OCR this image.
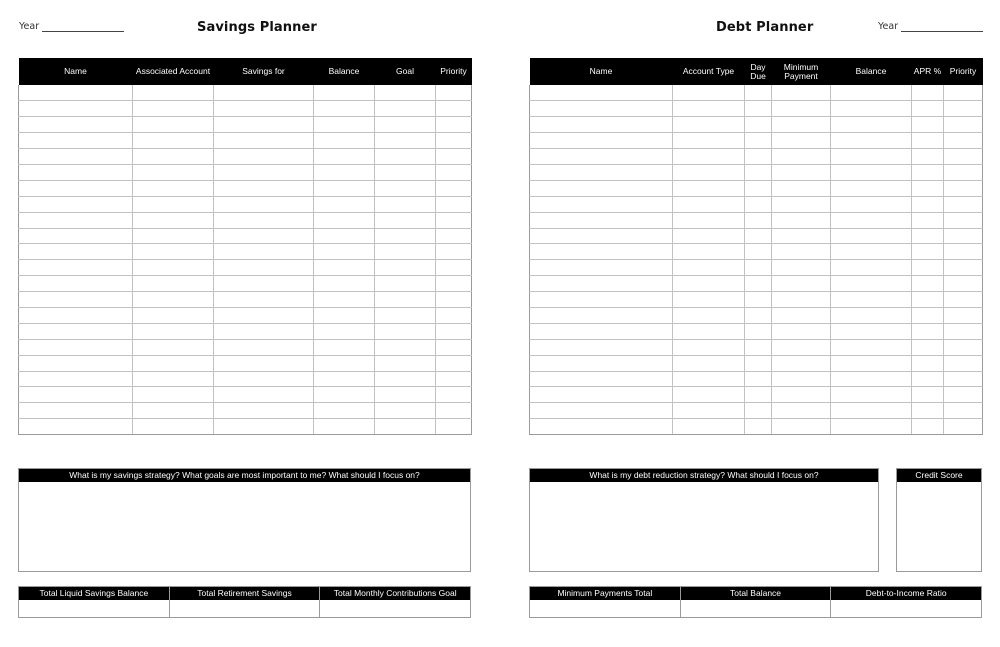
Year	Savings Planner
Name	Associated Account	Savings for	Balance	Goal	Priority

What is my savings strategy? What goals are most important to me? What should I focus on?
Total Liquid Savings Balance	Total Retirement Savings	Total Monthly Contributions Goal
Debt Planner	Year
Name	Account Type	Day Due	Minimum Payment	Balance	APR %	Priority

What is my debt reduction strategy? What should I focus on?	Credit Score
Minimum Payments Total	Total Balance	Debt-to-Income Ratio
